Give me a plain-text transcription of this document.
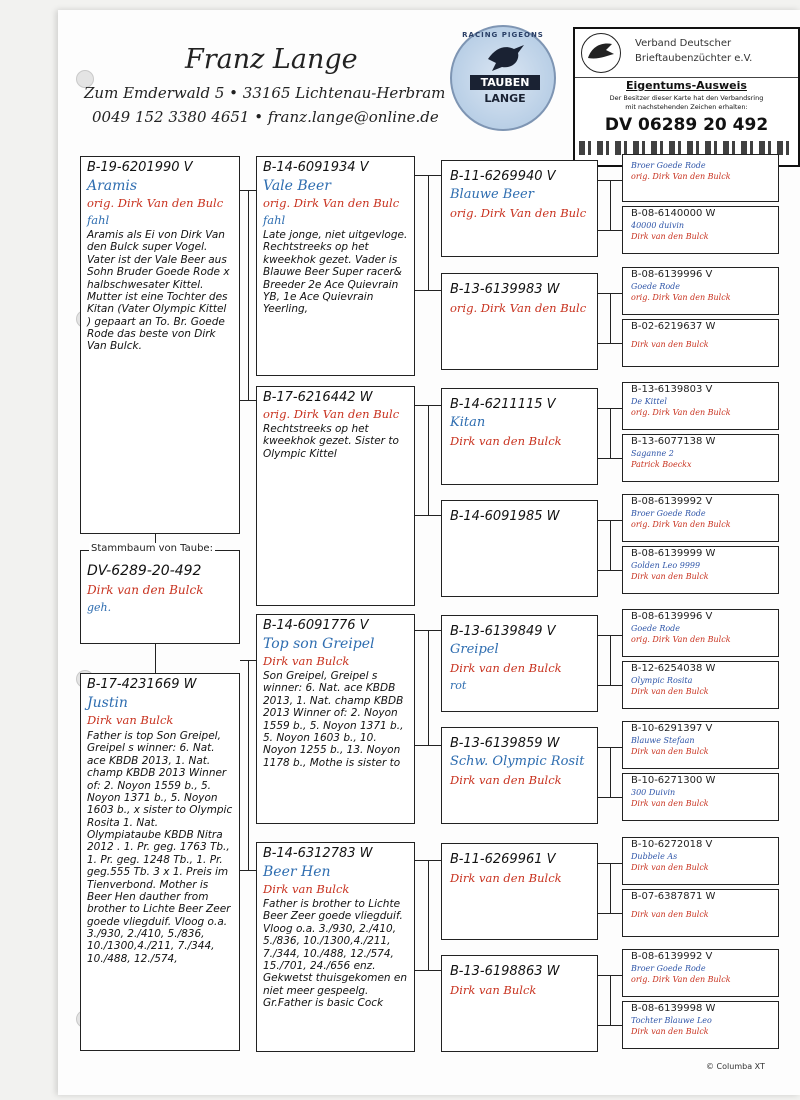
Franz Lange
Zum Emderwald 5 • 33165 Lichtenau-Herbram
0049 152 3380 4651 • franz.lange@online.de
RACING PIGEONS
TAUBEN
LANGE
Verband Deutscher
Brieftaubenzüchter e.V.
Eigentums-Ausweis
Der Besitzer dieser Karte hat den Verbandsring
mit nachstehenden Zeichen erhalten:
DV 06289 20 492
B-19-6201990 V
Aramis
orig. Dirk Van den Bulc
fahl
Aramis als Ei von Dirk Van den Bulck super Vogel. Vater ist der Vale Beer aus Sohn Bruder Goede Rode x halbschwesater Kittel. Mutter ist eine Tochter des Kitan (Vater Olympic Kittel ) gepaart an To. Br. Goede Rode das beste von Dirk Van Bulck.
Stammbaum von Taube:
DV-6289-20-492
Dirk van den Bulck
geh.
B-17-4231669 W
Justin
Dirk van Bulck
Father is top Son Greipel, Greipel s winner: 6. Nat. ace KBDB 2013, 1. Nat. champ KBDB 2013 Winner of: 2. Noyon 1559 b., 5. Noyon 1371 b., 5. Noyon 1603 b., x sister to Olympic Rosita 1. Nat. Olympiataube KBDB Nitra 2012 . 1. Pr. geg. 1763 Tb., 1. Pr. geg. 1248 Tb., 1. Pr. geg.555 Tb. 3 x 1. Preis im Tienverbond. Mother is Beer Hen dauther from brother to Lichte Beer Zeer goede vliegduif. Vloog o.a. 3./930, 2./410, 5./836, 10./1300,4./211, 7./344, 10./488, 12./574,
B-14-6091934 V
Vale Beer
orig. Dirk Van den Bulc
fahl
Late jonge, niet uitgevloge. Rechtstreeks op het kweekhok gezet. Vader is Blauwe Beer Super racer& Breeder 2e Ace Quievrain YB, 1e Ace Quievrain Yeerling,
B-17-6216442 W
orig. Dirk Van den Bulc
Rechtstreeks op het kweekhok gezet. Sister to Olympic Kittel
B-14-6091776 V
Top son Greipel
Dirk van Bulck
Son Greipel, Greipel s winner: 6. Nat. ace KBDB 2013, 1. Nat. champ KBDB 2013 Winner of: 2. Noyon 1559 b., 5. Noyon 1371 b., 5. Noyon 1603 b., 10. Noyon 1255 b., 13. Noyon 1178 b., Mothe is sister to
B-14-6312783 W
Beer Hen
Dirk van Bulck
Father is brother to Lichte Beer Zeer goede vliegduif. Vloog o.a. 3./930, 2./410, 5./836, 10./1300,4./211, 7./344, 10./488, 12./574, 15./701, 24./656 enz. Gekwetst thuisgekomen en niet meer gespeelg. Gr.Father is basic Cock
B-11-6269940 V
Blauwe Beer
orig. Dirk Van den Bulc
B-13-6139983 W
orig. Dirk Van den Bulc
B-14-6211115 V
Kitan
Dirk van den Bulck
B-14-6091985 W
B-13-6139849 V
Greipel
Dirk van den Bulck
rot
B-13-6139859 W
Schw. Olympic Rosit
Dirk van den Bulck
B-11-6269961 V
Dirk van den Bulck
B-13-6198863 W
Dirk van Bulck
Broer Goede Rode
orig. Dirk Van den Bulck
B-08-6140000 W
40000 duivin
Dirk van den Bulck
B-08-6139996 V
Goede Rode
orig. Dirk Van den Bulck
B-02-6219637 W
Dirk van den Bulck
B-13-6139803 V
De Kittel
orig. Dirk Van den Bulck
B-13-6077138 W
Saganne 2
Patrick Boeckx
B-08-6139992 V
Broer Goede Rode
orig. Dirk Van den Bulck
B-08-6139999 W
Golden Leo 9999
Dirk van den Bulck
B-08-6139996 V
Goede Rode
orig. Dirk Van den Bulck
B-12-6254038 W
Olympic Rosita
Dirk van den Bulck
B-10-6291397 V
Blauwe Stefaan
Dirk van den Bulck
B-10-6271300 W
300 Duivin
Dirk van den Bulck
B-10-6272018 V
Dubbele As
Dirk van den Bulck
B-07-6387871 W
Dirk van den Bulck
B-08-6139992 V
Broer Goede Rode
orig. Dirk Van den Bulck
B-08-6139998 W
Tochter Blauwe Leo
Dirk van den Bulck
© Columba XT
